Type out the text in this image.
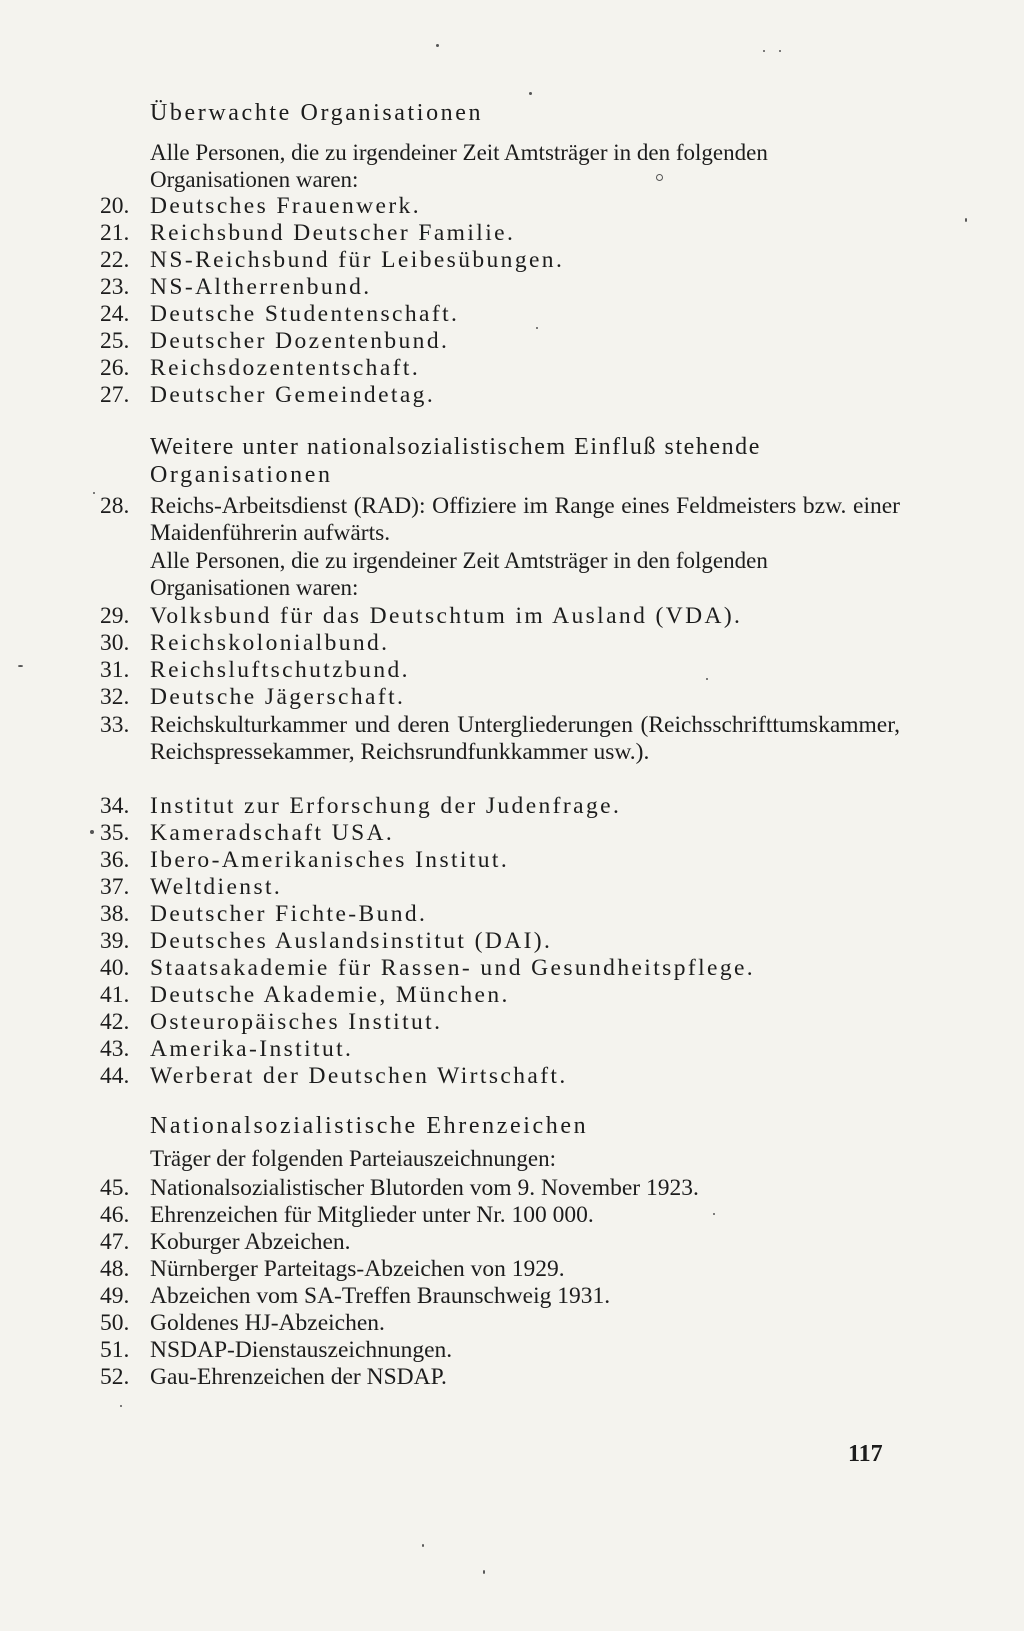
Überwachte Organisationen
Alle Personen, die zu irgendeiner Zeit Amtsträger in den folgenden Organisationen waren:
20. Deutsches Frauenwerk.
21. Reichsbund Deutscher Familie.
22. NS-Reichsbund für Leibesübungen.
23. NS-Altherrenbund.
24. Deutsche Studentenschaft.
25. Deutscher Dozentenbund.
26. Reichsdozententschaft.
27. Deutscher Gemeindetag.
Weitere unter nationalsozialistischem Einfluß stehende
Organisationen
28. Reichs-Arbeitsdienst (RAD): Offiziere im Range eines Feldmeisters bzw. einer Maidenführerin aufwärts.
Alle Personen, die zu irgendeiner Zeit Amtsträger in den folgenden Organisationen waren:
29. Volksbund für das Deutschtum im Ausland (VDA).
30. Reichskolonialbund.
31. Reichsluftschutzbund.
32. Deutsche Jägerschaft.
33. Reichskulturkammer und deren Untergliederungen (Reichsschrifttumskammer, Reichspressekammer, Reichsrundfunkkammer usw.).
34. Institut zur Erforschung der Judenfrage.
35. Kameradschaft USA.
36. Ibero-Amerikanisches Institut.
37. Weltdienst.
38. Deutscher Fichte-Bund.
39. Deutsches Auslandsinstitut (DAI).
40. Staatsakademie für Rassen- und Gesundheitspflege.
41. Deutsche Akademie, München.
42. Osteuropäisches Institut.
43. Amerika-Institut.
44. Werberat der Deutschen Wirtschaft.
Nationalsozialistische Ehrenzeichen
Träger der folgenden Parteiauszeichnungen:
45. Nationalsozialistischer Blutorden vom 9. November 1923.
46. Ehrenzeichen für Mitglieder unter Nr. 100 000.
47. Koburger Abzeichen.
48. Nürnberger Parteitags-Abzeichen von 1929.
49. Abzeichen vom SA-Treffen Braunschweig 1931.
50. Goldenes HJ-Abzeichen.
51. NSDAP-Dienstauszeichnungen.
52. Gau-Ehrenzeichen der NSDAP.
117
